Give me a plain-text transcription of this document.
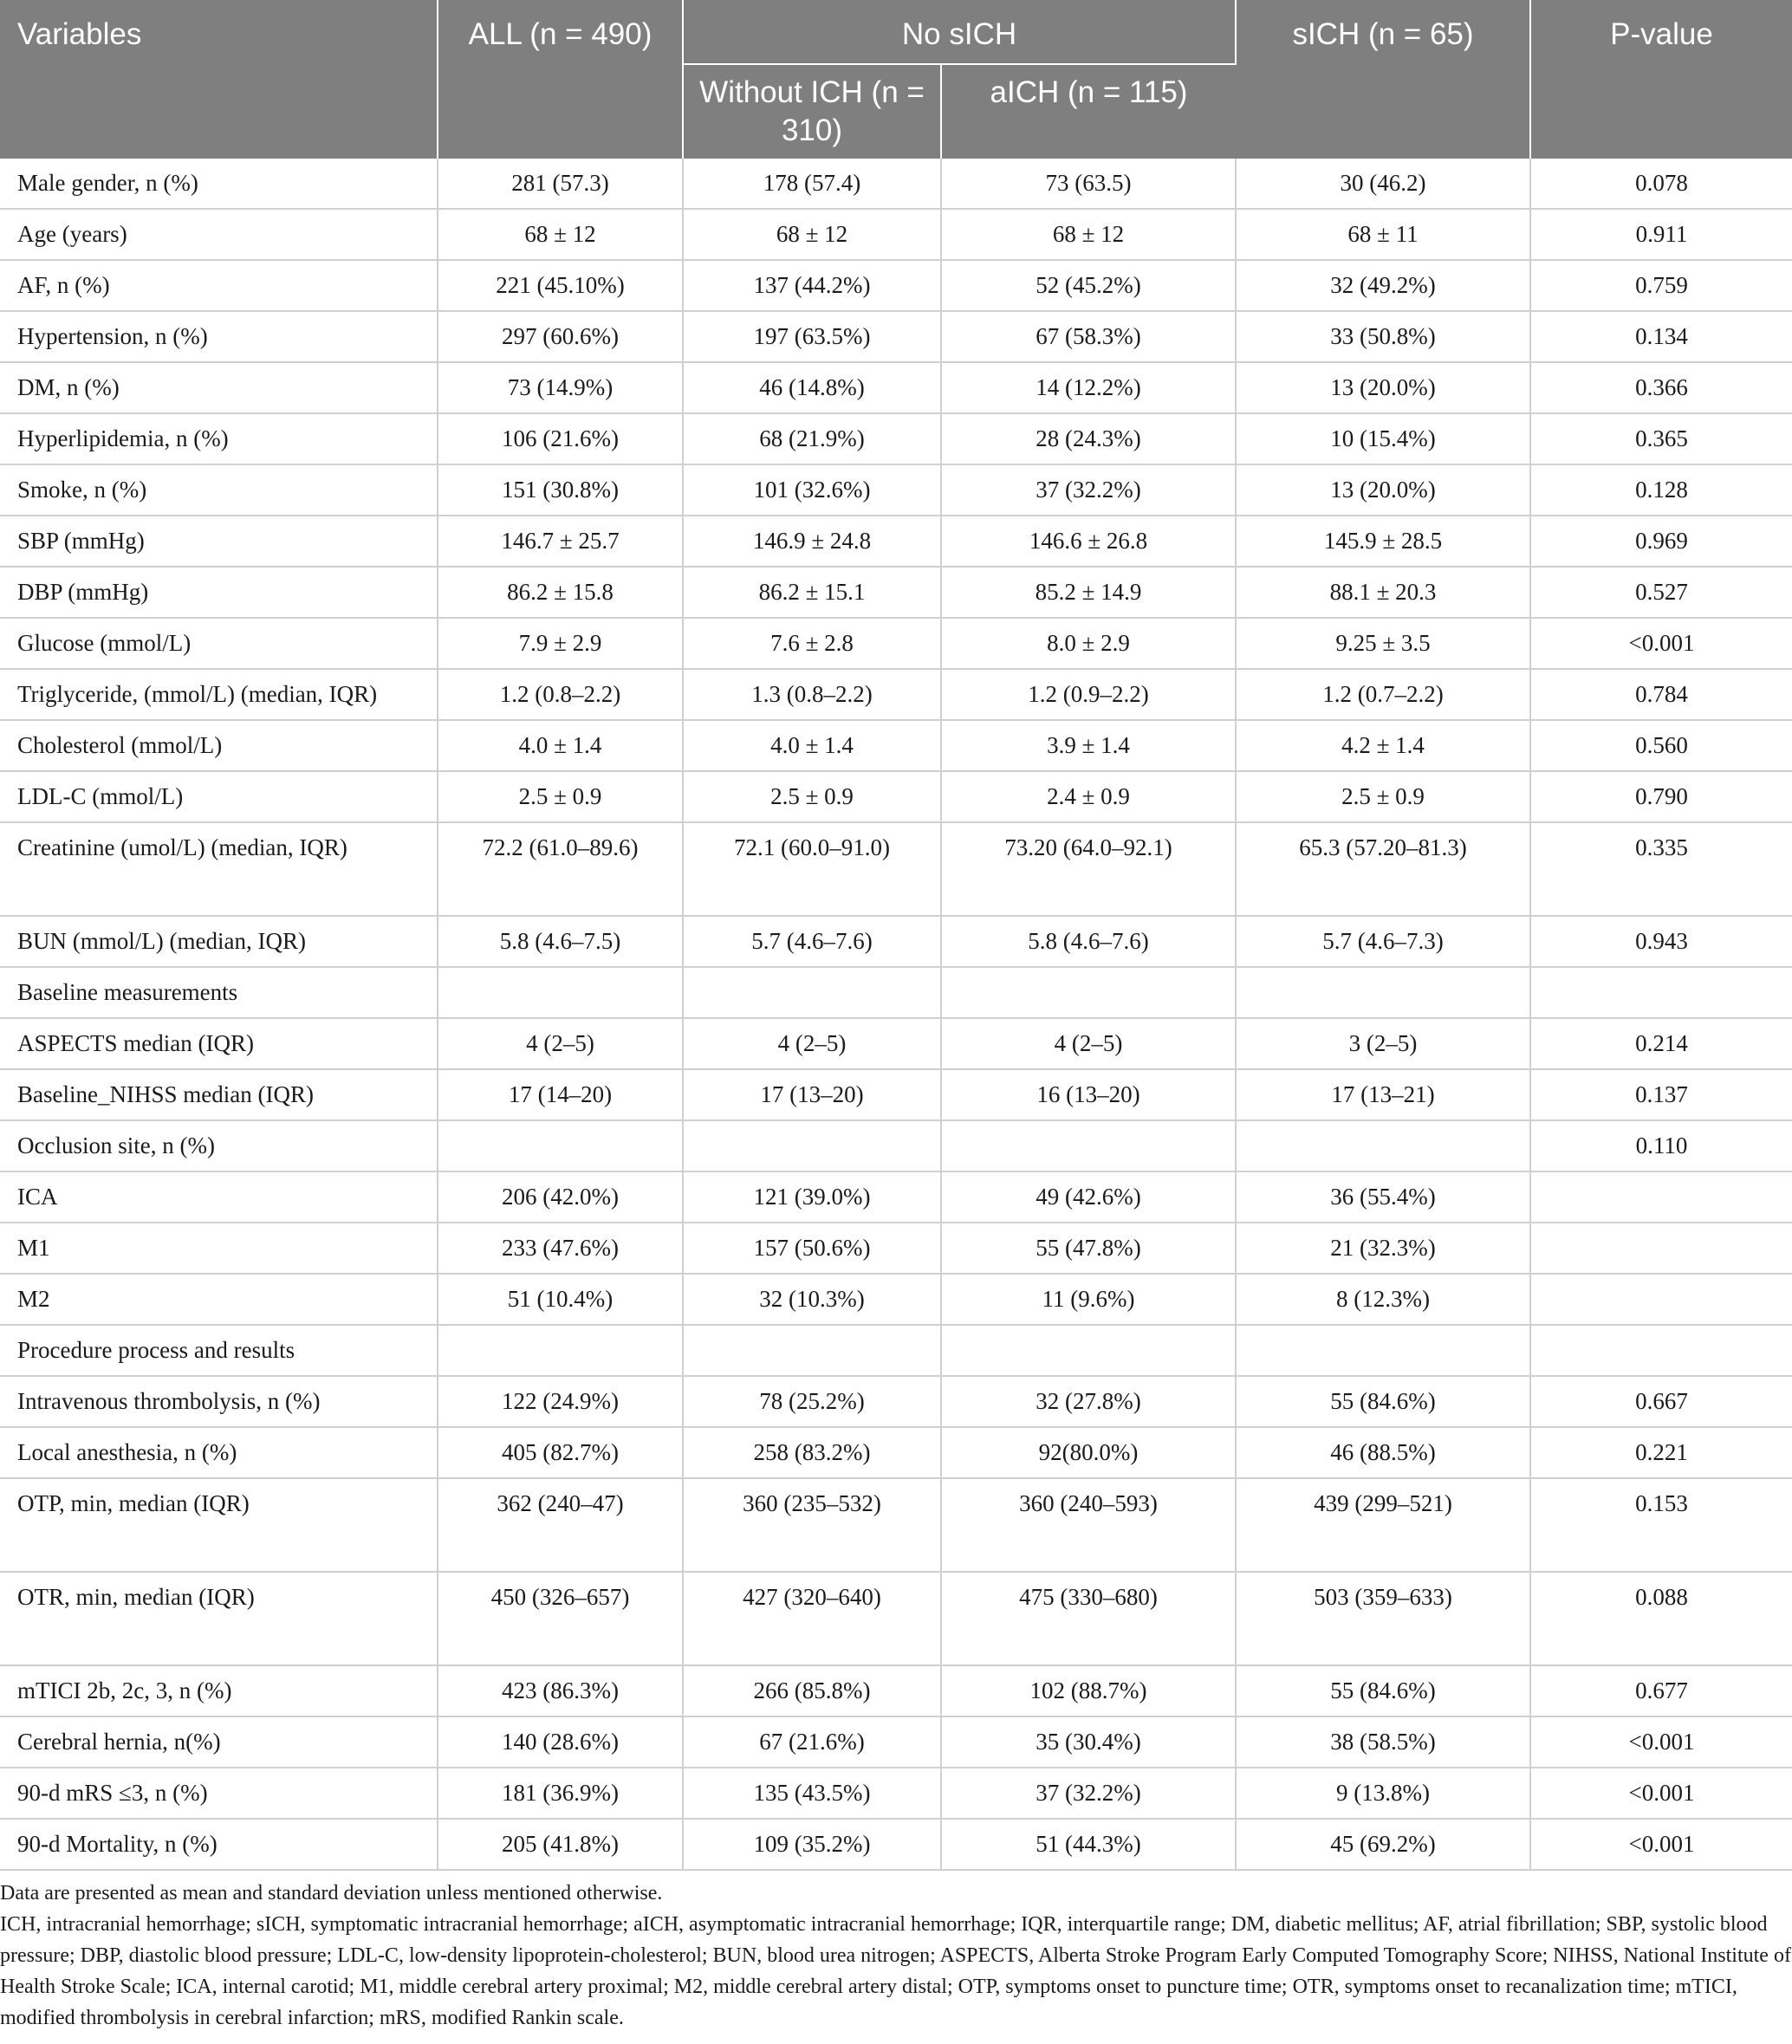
Variables	ALL (n = 490)	No sICH		sICH (n = 65)	P-value
		Without ICH (n = 310)	aICH (n = 115)		
Male gender, n (%)	281 (57.3)	178 (57.4)	73 (63.5)	30 (46.2)	0.078
Age (years)	68 ± 12	68 ± 12	68 ± 12	68 ± 11	0.911
AF, n (%)	221 (45.10%)	137 (44.2%)	52 (45.2%)	32 (49.2%)	0.759
Hypertension, n (%)	297 (60.6%)	197 (63.5%)	67 (58.3%)	33 (50.8%)	0.134
DM, n (%)	73 (14.9%)	46 (14.8%)	14 (12.2%)	13 (20.0%)	0.366
Hyperlipidemia, n (%)	106 (21.6%)	68 (21.9%)	28 (24.3%)	10 (15.4%)	0.365
Smoke, n (%)	151 (30.8%)	101 (32.6%)	37 (32.2%)	13 (20.0%)	0.128
SBP (mmHg)	146.7 ± 25.7	146.9 ± 24.8	146.6 ± 26.8	145.9 ± 28.5	0.969
DBP (mmHg)	86.2 ± 15.8	86.2 ± 15.1	85.2 ± 14.9	88.1 ± 20.3	0.527
Glucose (mmol/L)	7.9 ± 2.9	7.6 ± 2.8	8.0 ± 2.9	9.25 ± 3.5	<0.001
Triglyceride, (mmol/L) (median, IQR)	1.2 (0.8–2.2)	1.3 (0.8–2.2)	1.2 (0.9–2.2)	1.2 (0.7–2.2)	0.784
Cholesterol (mmol/L)	4.0 ± 1.4	4.0 ± 1.4	3.9 ± 1.4	4.2 ± 1.4	0.560
LDL-C (mmol/L)	2.5 ± 0.9	2.5 ± 0.9	2.4 ± 0.9	2.5 ± 0.9	0.790
Creatinine (umol/L) (median, IQR)	72.2 (61.0–89.6)	72.1 (60.0–91.0)	73.20 (64.0–92.1)	65.3 (57.20–81.3)	0.335
BUN (mmol/L) (median, IQR)	5.8 (4.6–7.5)	5.7 (4.6–7.6)	5.8 (4.6–7.6)	5.7 (4.6–7.3)	0.943
Baseline measurements					
ASPECTS median (IQR)	4 (2–5)	4 (2–5)	4 (2–5)	3 (2–5)	0.214
Baseline_NIHSS median (IQR)	17 (14–20)	17 (13–20)	16 (13–20)	17 (13–21)	0.137
Occlusion site, n (%)					0.110
ICA	206 (42.0%)	121 (39.0%)	49 (42.6%)	36 (55.4%)	
M1	233 (47.6%)	157 (50.6%)	55 (47.8%)	21 (32.3%)	
M2	51 (10.4%)	32 (10.3%)	11 (9.6%)	8 (12.3%)	
Procedure process and results					
Intravenous thrombolysis, n (%)	122 (24.9%)	78 (25.2%)	32 (27.8%)	55 (84.6%)	0.667
Local anesthesia, n (%)	405 (82.7%)	258 (83.2%)	92(80.0%)	46 (88.5%)	0.221
OTP, min, median (IQR)	362 (240–47)	360 (235–532)	360 (240–593)	439 (299–521)	0.153
OTR, min, median (IQR)	450 (326–657)	427 (320–640)	475 (330–680)	503 (359–633)	0.088
mTICI 2b, 2c, 3, n (%)	423 (86.3%)	266 (85.8%)	102 (88.7%)	55 (84.6%)	0.677
Cerebral hernia, n(%)	140 (28.6%)	67 (21.6%)	35 (30.4%)	38 (58.5%)	<0.001
90-d mRS ≤3, n (%)	181 (36.9%)	135 (43.5%)	37 (32.2%)	9 (13.8%)	<0.001
90-d Mortality, n (%)	205 (41.8%)	109 (35.2%)	51 (44.3%)	45 (69.2%)	<0.001

Data are presented as mean and standard deviation unless mentioned otherwise.

ICH, intracranial hemorrhage; sICH, symptomatic intracranial hemorrhage; aICH, asymptomatic intracranial hemorrhage; IQR, interquartile range; DM, diabetic mellitus; AF, atrial fibrillation; SBP, systolic blood pressure; DBP, diastolic blood pressure; LDL-C, low-density lipoprotein-cholesterol; BUN, blood urea nitrogen; ASPECTS, Alberta Stroke Program Early Computed Tomography Score; NIHSS, National Institute of Health Stroke Scale; ICA, internal carotid; M1, middle cerebral artery proximal; M2, middle cerebral artery distal; OTP, symptoms onset to puncture time; OTR, symptoms onset to recanalization time; mTICI, modified thrombolysis in cerebral infarction; mRS, modified Rankin scale.
